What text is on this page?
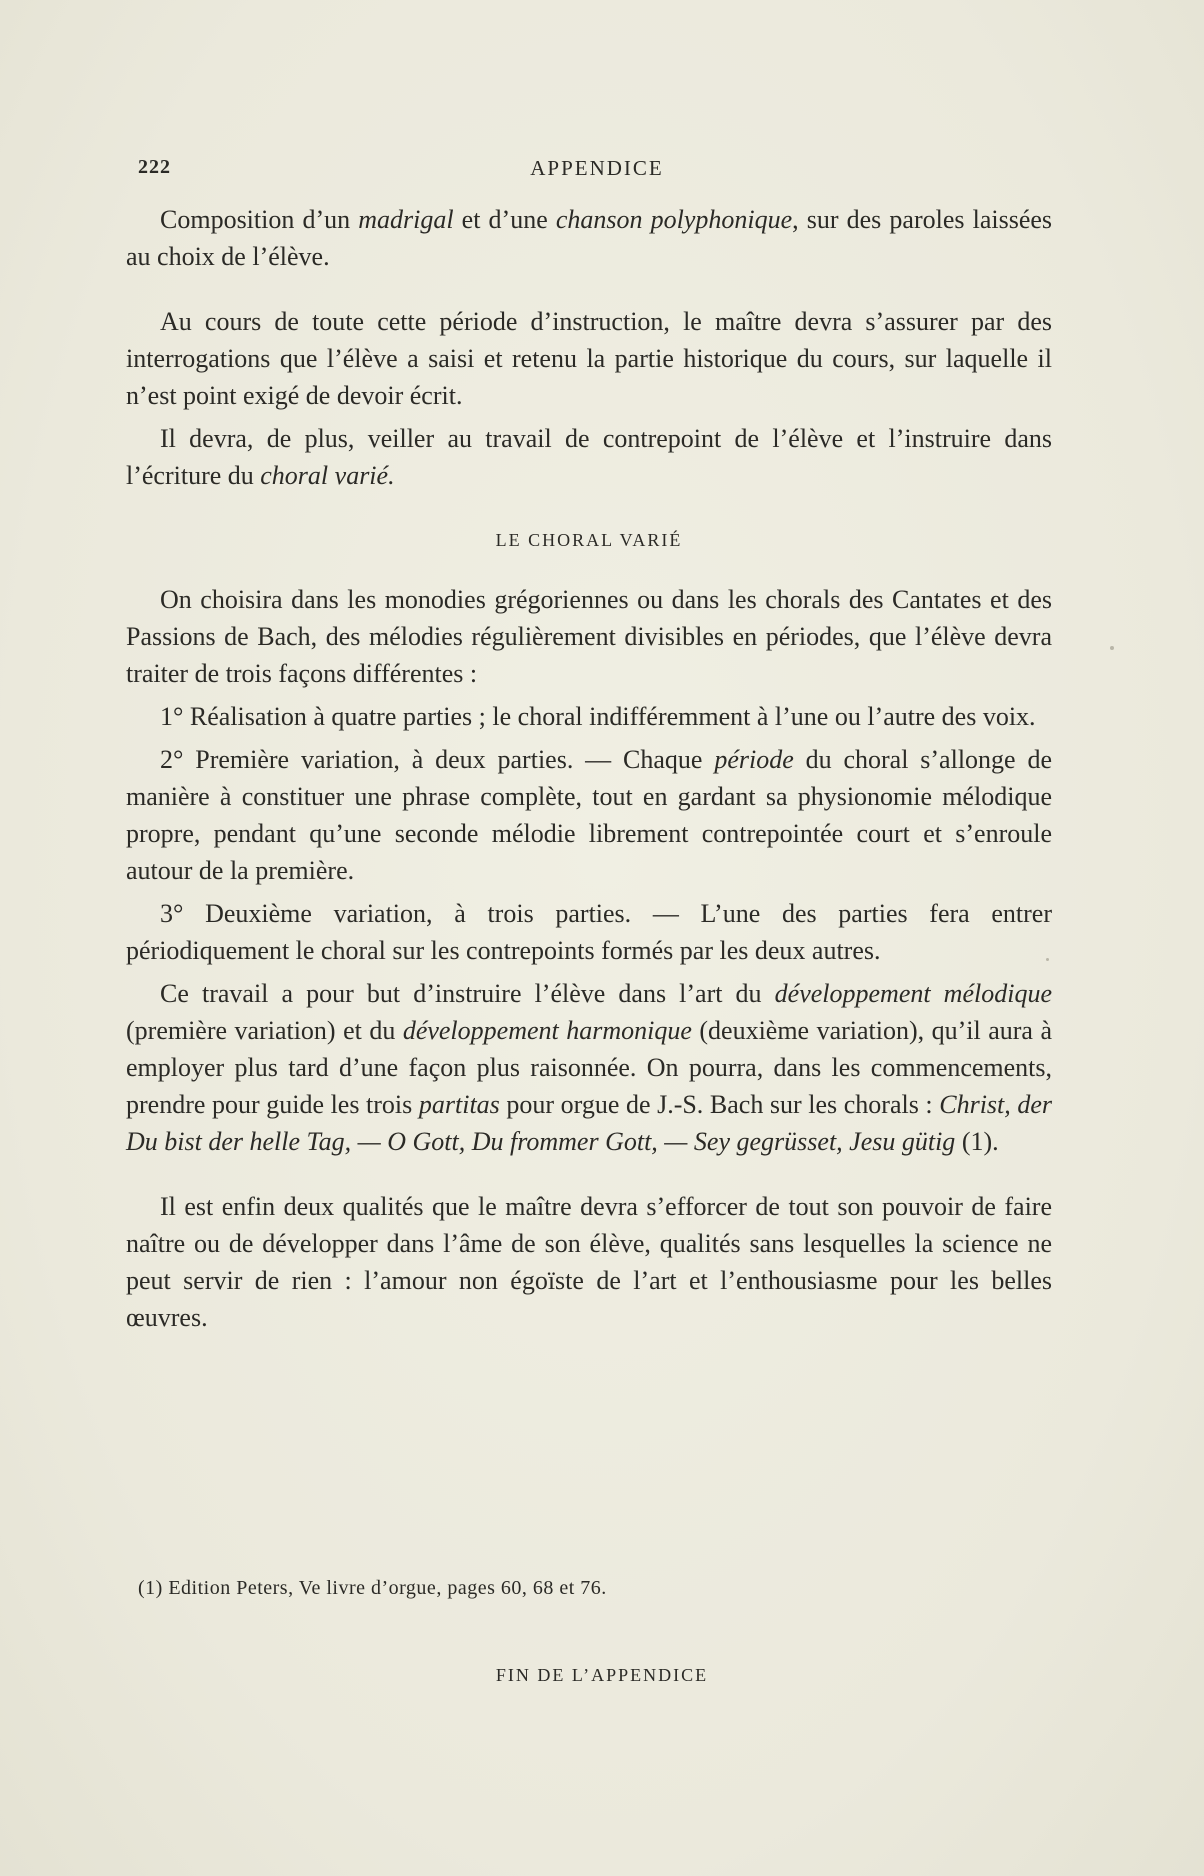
222	APPENDICE

Composition d’un madrigal et d’une chanson polyphonique, sur des paroles laissées au choix de l’élève.

Au cours de toute cette période d’instruction, le maître devra s’assurer par des interrogations que l’élève a saisi et retenu la partie historique du cours, sur laquelle il n’est point exigé de devoir écrit.

Il devra, de plus, veiller au travail de contrepoint de l’élève et l’instruire dans l’écriture du choral varié.

LE CHORAL VARIÉ

On choisira dans les monodies grégoriennes ou dans les chorals des Cantates et des Passions de Bach, des mélodies régulièrement divisibles en périodes, que l’élève devra traiter de trois façons différentes :

1° Réalisation à quatre parties ; le choral indifféremment à l’une ou l’autre des voix.

2° Première variation, à deux parties. — Chaque période du choral s’allonge de manière à constituer une phrase complète, tout en gardant sa physionomie mélodique propre, pendant qu’une seconde mélodie librement contrepointée court et s’enroule autour de la première.

3° Deuxième variation, à trois parties. — L’une des parties fera entrer périodiquement le choral sur les contrepoints formés par les deux autres.

Ce travail a pour but d’instruire l’élève dans l’art du développement mélodique (première variation) et du développement harmonique (deuxième variation), qu’il aura à employer plus tard d’une façon plus raisonnée. On pourra, dans les commencements, prendre pour guide les trois partitas pour orgue de J.-S. Bach sur les chorals : Christ, der Du bist der helle Tag, — O Gott, Du frommer Gott, — Sey gegrüsset, Jesu gütig (1).

Il est enfin deux qualités que le maître devra s’efforcer de tout son pouvoir de faire naître ou de développer dans l’âme de son élève, qualités sans lesquelles la science ne peut servir de rien : l’amour non égoïste de l’art et l’enthousiasme pour les belles œuvres.

(1) Edition Peters, Ve livre d’orgue, pages 60, 68 et 76.
FIN DE L’APPENDICE
